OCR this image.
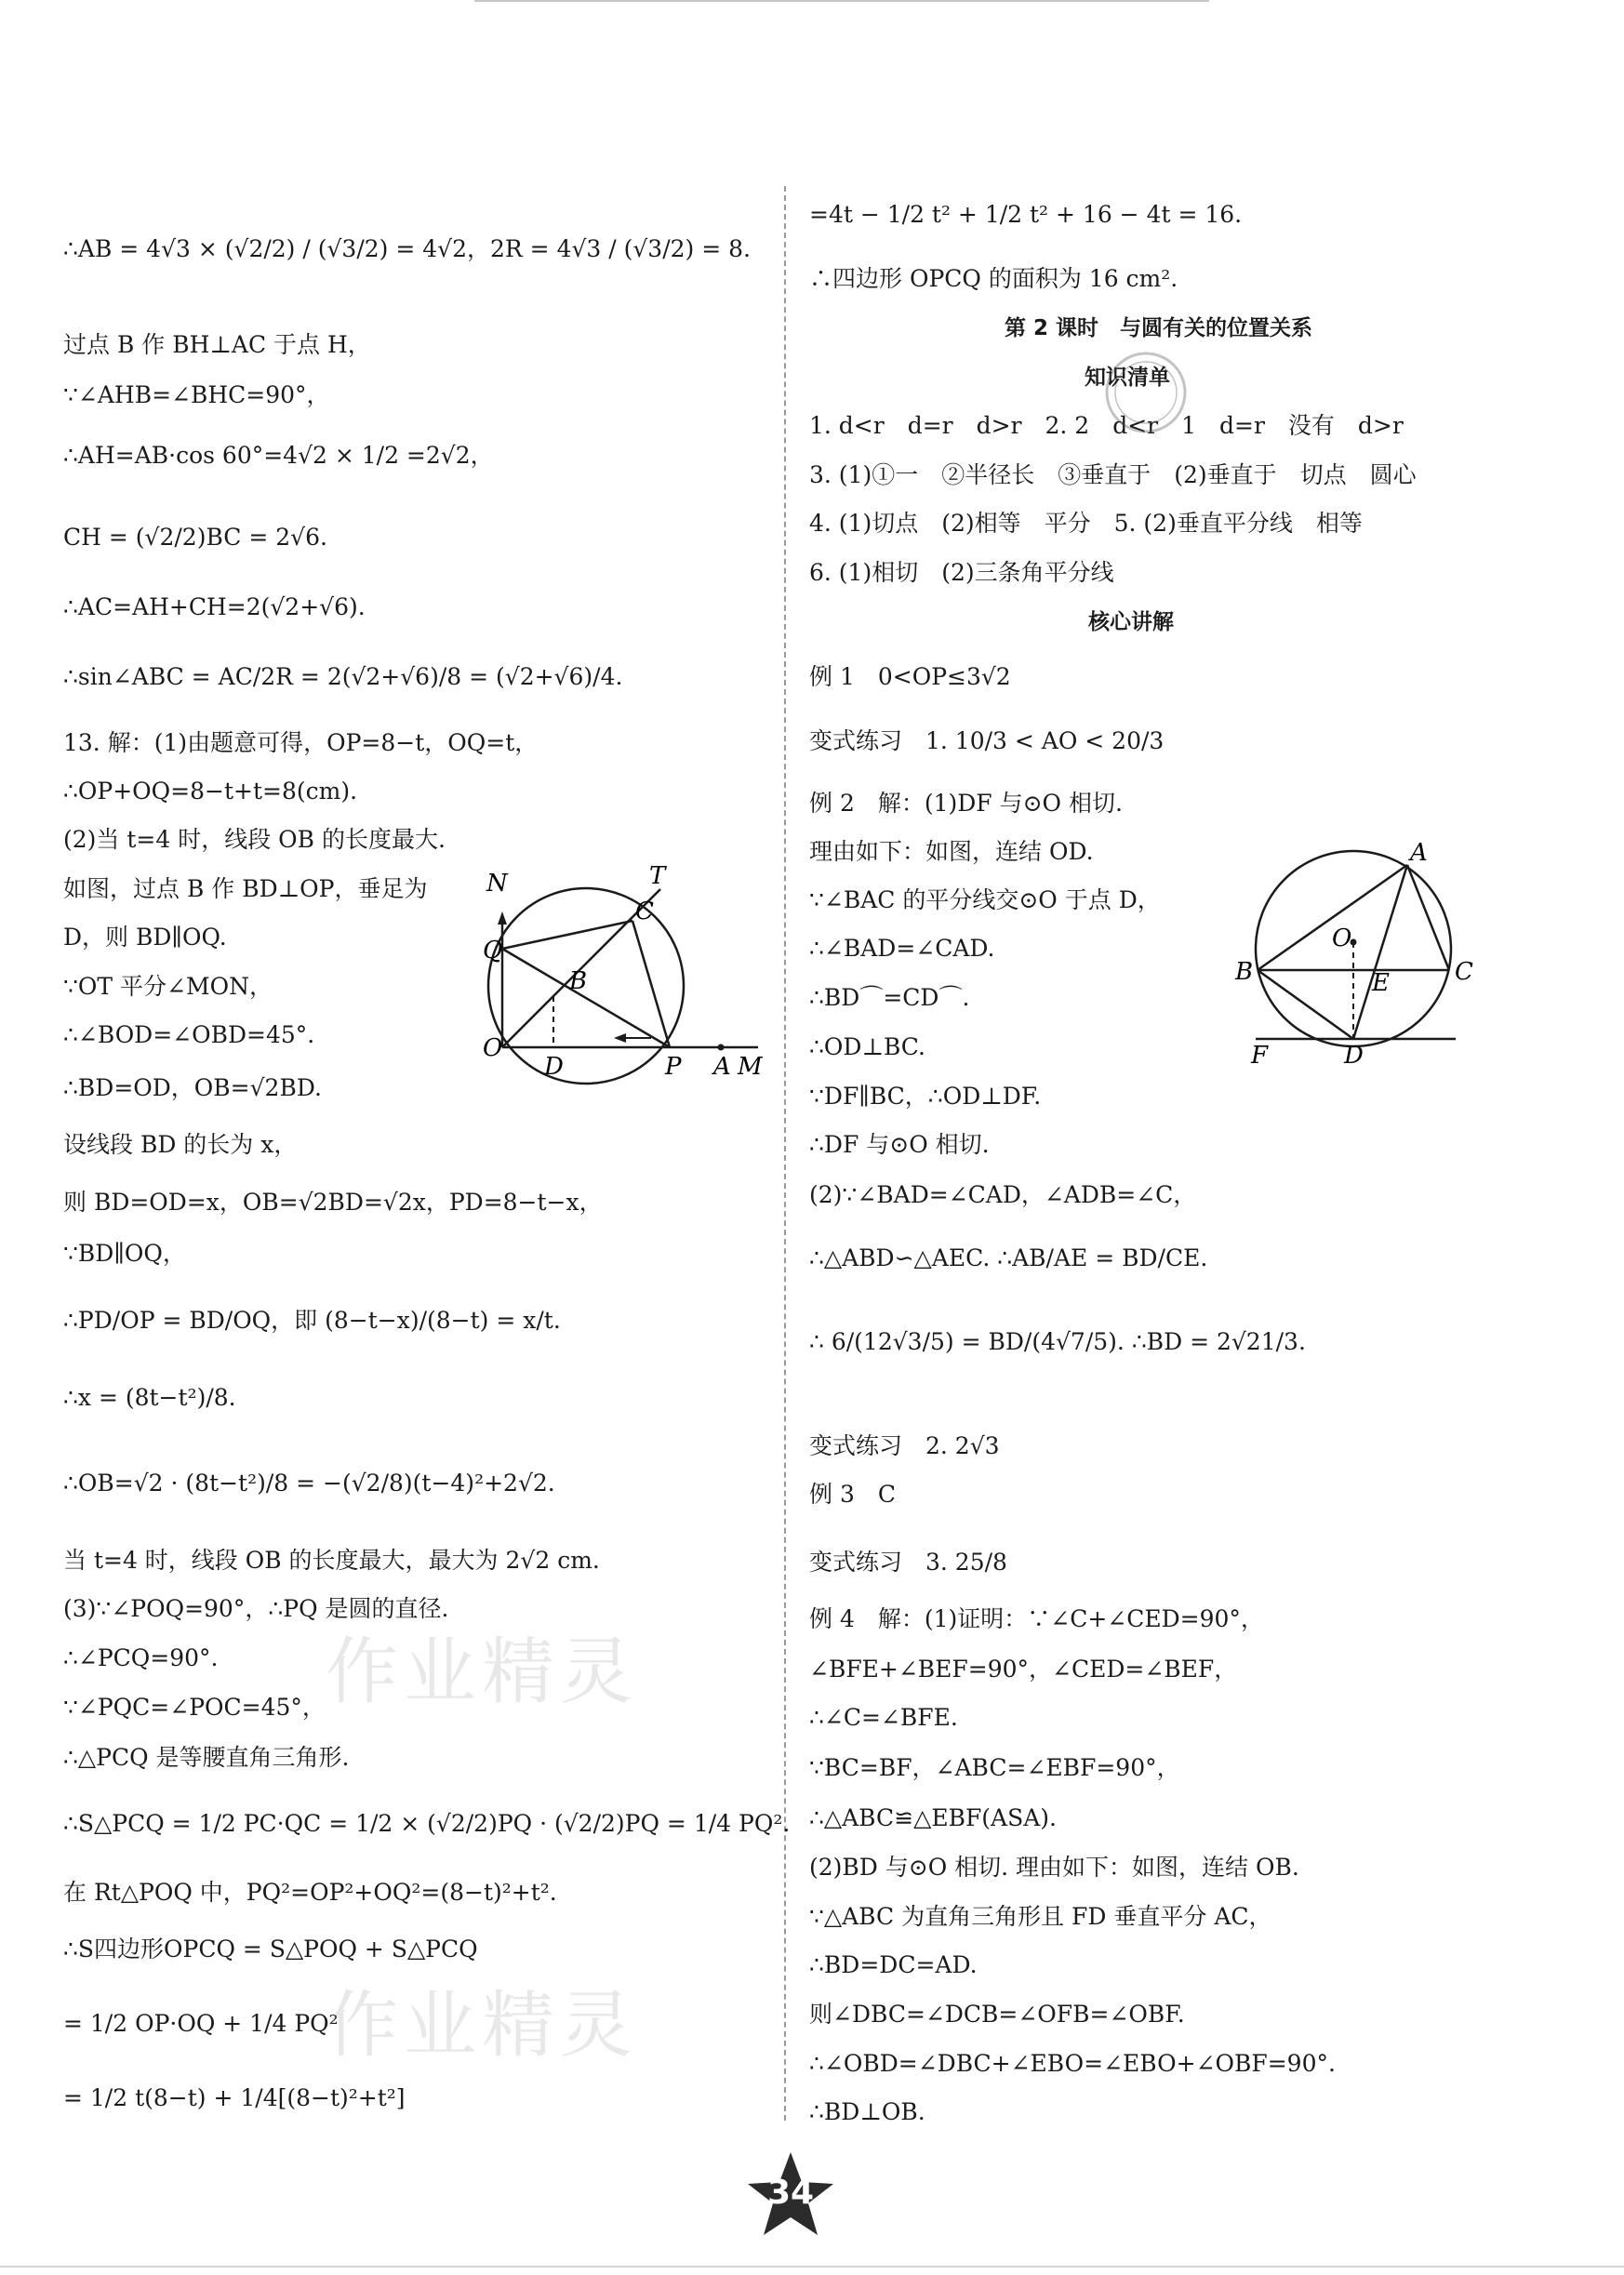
∴AB = 4√3 × (√2/2) / (√3/2) = 4√2，2R = 4√3 / (√3/2) = 8.
过点 B 作 BH⊥AC 于点 H，
∵∠AHB=∠BHC=90°，
∴AH=AB·cos 60°=4√2 × 1/2 =2√2，
CH = (√2/2)BC = 2√6.
∴AC=AH+CH=2(√2+√6).
∴sin∠ABC = AC/2R = 2(√2+√6)/8 = (√2+√6)/4.
13. 解：(1)由题意可得，OP=8−t，OQ=t，
∴OP+OQ=8−t+t=8(cm).
(2)当 t=4 时，线段 OB 的长度最大.
如图，过点 B 作 BD⊥OP，垂足为
D，则 BD∥OQ.
∵OT 平分∠MON，
∴∠BOD=∠OBD=45°.
∴BD=OD，OB=√2BD.
设线段 BD 的长为 x，
则 BD=OD=x，OB=√2BD=√2x，PD=8−t−x，
∵BD∥OQ，
∴PD/OP = BD/OQ，即 (8−t−x)/(8−t) = x/t.
∴x = (8t−t²)/8.
∴OB=√2 · (8t−t²)/8 = −(√2/8)(t−4)²+2√2.
当 t=4 时，线段 OB 的长度最大，最大为 2√2 cm.
(3)∵∠POQ=90°，∴PQ 是圆的直径.
∴∠PCQ=90°.
∵∠PQC=∠POC=45°，
∴△PCQ 是等腰直角三角形.
∴S△PCQ = 1/2 PC·QC = 1/2 × (√2/2)PQ · (√2/2)PQ = 1/4 PQ².
在 Rt△POQ 中，PQ²=OP²+OQ²=(8−t)²+t².
∴S四边形OPCQ = S△POQ + S△PCQ
= 1/2 OP·OQ + 1/4 PQ²
= 1/2 t(8−t) + 1/4[(8−t)²+t²]
N	T
C
Q
B
O
D	P A M
=4t − 1/2 t² + 1/2 t² + 16 − 4t = 16.
∴四边形 OPCQ 的面积为 16 cm².
第 2 课时　与圆有关的位置关系
知识清单
1. d<r　d=r　d>r　2. 2　d<r　1　d=r　没有　d>r
3. (1)①一　②半径长　③垂直于　(2)垂直于　切点　圆心
4. (1)切点　(2)相等　平分　5. (2)垂直平分线　相等
6. (1)相切　(2)三条角平分线
核心讲解
例 1　0<OP≤3√2
变式练习　1. 10/3 < AO < 20/3
例 2　解：(1)DF 与⊙O 相切.
理由如下：如图，连结 OD.
∵∠BAC 的平分线交⊙O 于点 D，
∴∠BAD=∠CAD.
∴BD⌒=CD⌒.
∴OD⊥BC.
∵DF∥BC，∴OD⊥DF.
∴DF 与⊙O 相切.
(2)∵∠BAD=∠CAD，∠ADB=∠C，
∴△ABD∽△AEC. ∴AB/AE = BD/CE.
∴ 6/(12√3/5) = BD/(4√7/5). ∴BD = 2√21/3.
变式练习　2. 2√3
例 3　C
变式练习　3. 25/8
例 4　解：(1)证明：∵∠C+∠CED=90°，
∠BFE+∠BEF=90°，∠CED=∠BEF，
∴∠C=∠BFE.
∵BC=BF，∠ABC=∠EBF=90°，
∴△ABC≌△EBF(ASA).
(2)BD 与⊙O 相切. 理由如下：如图，连结 OB.
∵△ABC 为直角三角形且 FD 垂直平分 AC，
∴BD=DC=AD.
则∠DBC=∠DCB=∠OFB=∠OBF.
∴∠OBD=∠DBC+∠EBO=∠EBO+∠OBF=90°.
∴BD⊥OB.
A
O
B	E	C
F	D
作业精灵
作业精灵
34
